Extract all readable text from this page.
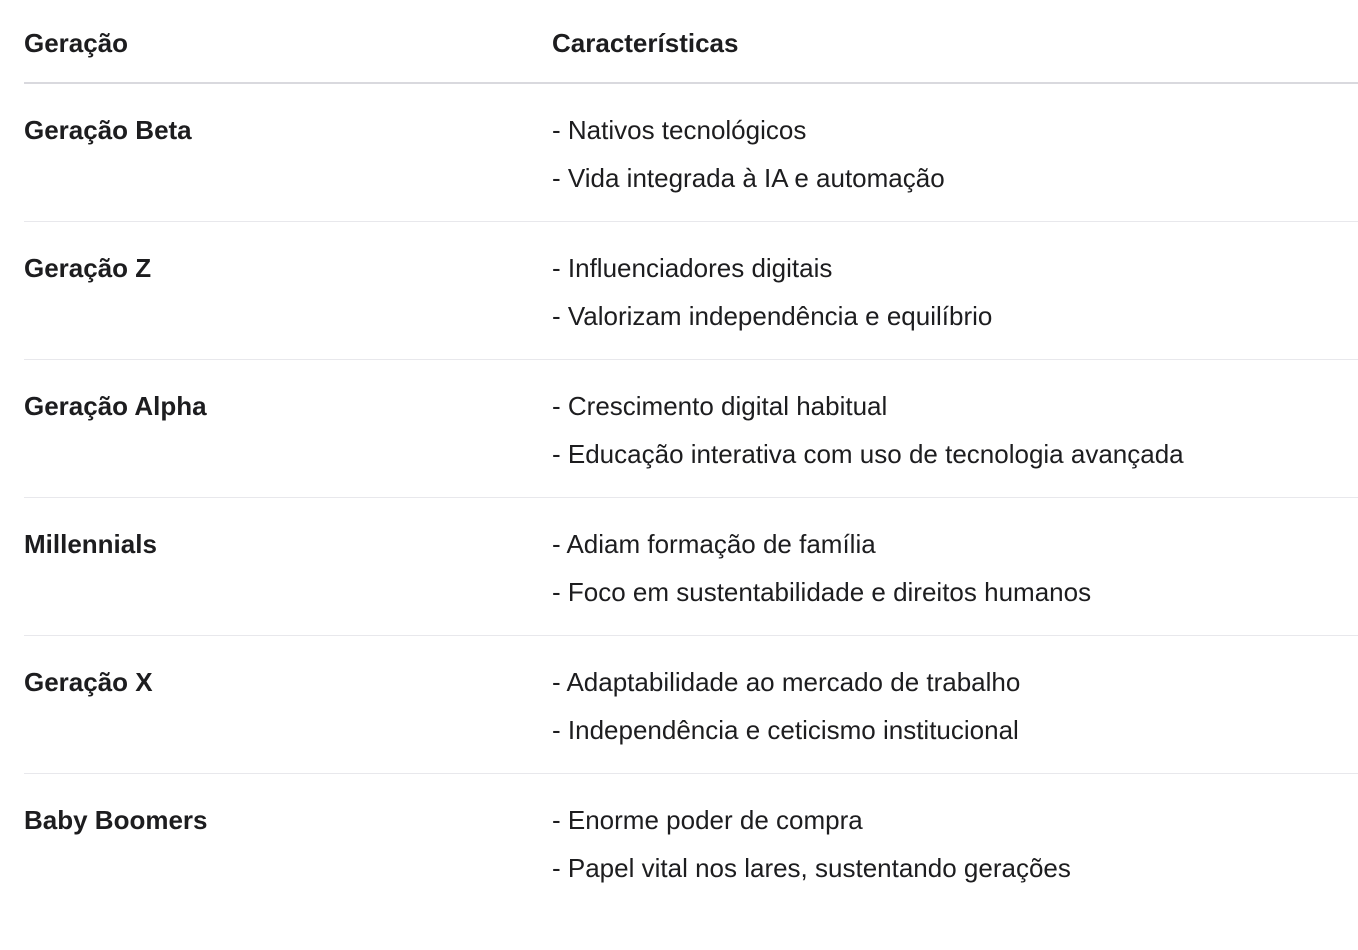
Geração	Características
Geração Beta	- Nativos tecnológicos
- Vida integrada à IA e automação
Geração Z	- Influenciadores digitais
- Valorizam independência e equilíbrio
Geração Alpha	- Crescimento digital habitual
- Educação interativa com uso de tecnologia avançada
Millennials	- Adiam formação de família
- Foco em sustentabilidade e direitos humanos
Geração X	- Adaptabilidade ao mercado de trabalho
- Independência e ceticismo institucional
Baby Boomers	- Enorme poder de compra
- Papel vital nos lares, sustentando gerações
